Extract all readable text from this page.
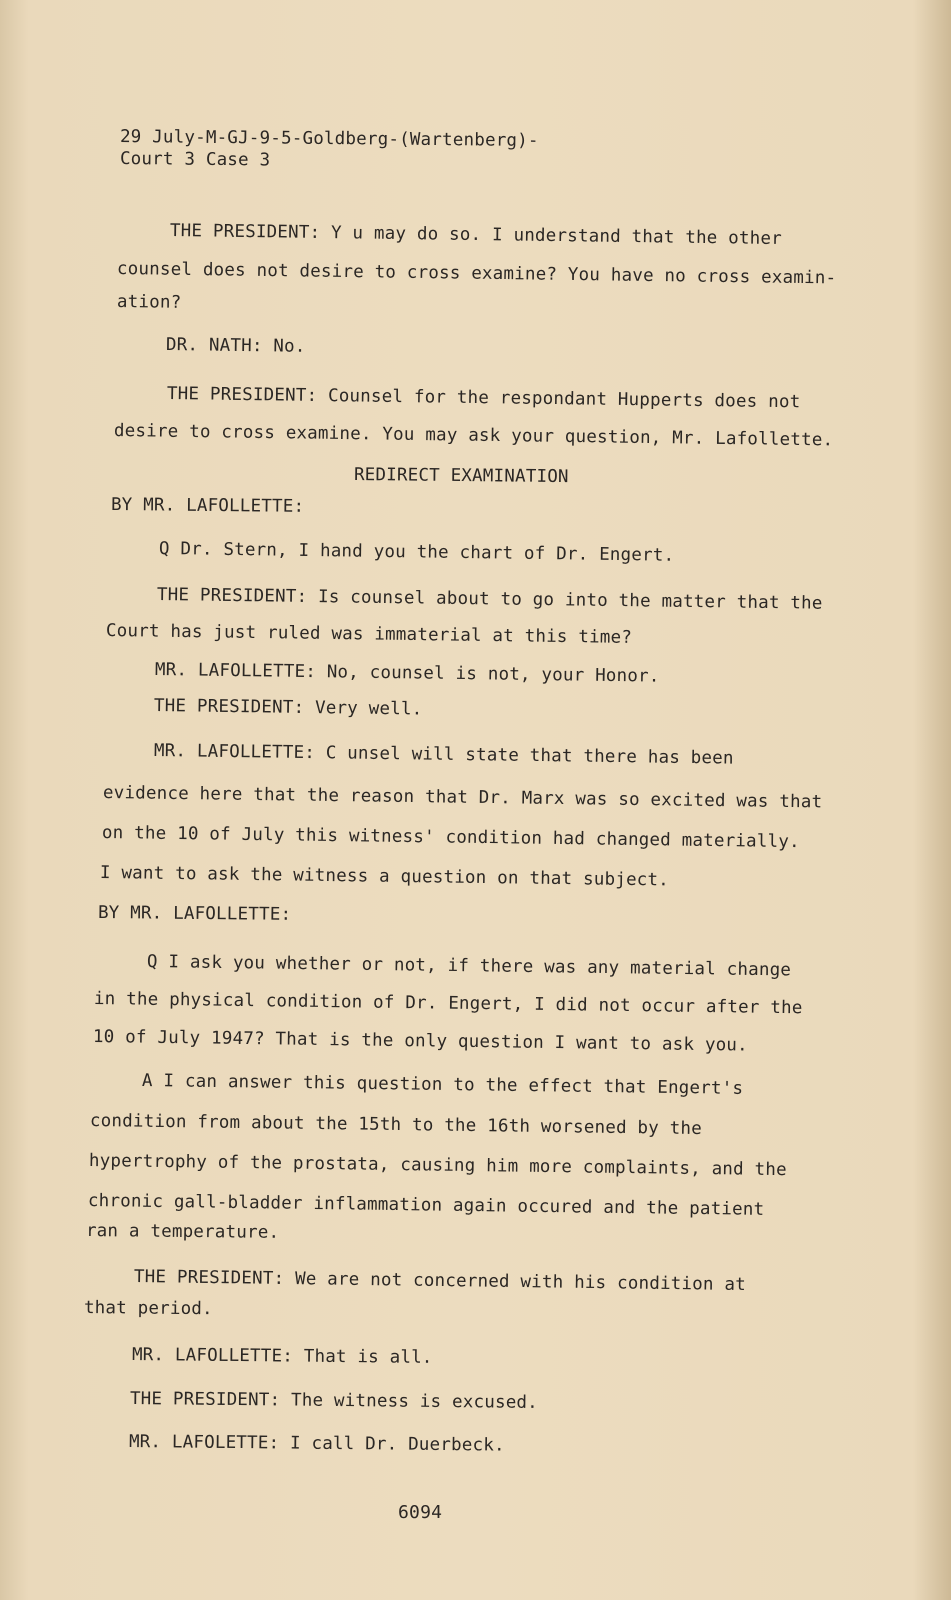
29 July-M-GJ-9-5-Goldberg-(Wartenberg)-
Court 3 Case 3
THE PRESIDENT: Y u may do so. I understand that the other
counsel does not desire to cross examine? You have no cross examin-
ation?
DR. NATH: No.
THE PRESIDENT: Counsel for the respondant Hupperts does not
desire to cross examine. You may ask your question, Mr. Lafollette.
REDIRECT EXAMINATION
BY MR. LAFOLLETTE:
Q Dr. Stern, I hand you the chart of Dr. Engert.
THE PRESIDENT: Is counsel about to go into the matter that the
Court has just ruled was immaterial at this time?
MR. LAFOLLETTE: No, counsel is not, your Honor.
THE PRESIDENT: Very well.
MR. LAFOLLETTE: C unsel will state that there has been
evidence here that the reason that Dr. Marx was so excited was that
on the 10 of July this witness' condition had changed materially.
I want to ask the witness a question on that subject.
BY MR. LAFOLLETTE:
Q I ask you whether or not, if there was any material change
in the physical condition of Dr. Engert, I did not occur after the
10 of July 1947? That is the only question I want to ask you.
A I can answer this question to the effect that Engert's
condition from about the 15th to the 16th worsened by the
hypertrophy of the prostata, causing him more complaints, and the
chronic gall-bladder inflammation again occured and the patient
ran a temperature.
THE PRESIDENT: We are not concerned with his condition at
that period.
MR. LAFOLLETTE: That is all.
THE PRESIDENT: The witness is excused.
MR. LAFOLETTE: I call Dr. Duerbeck.
6094
